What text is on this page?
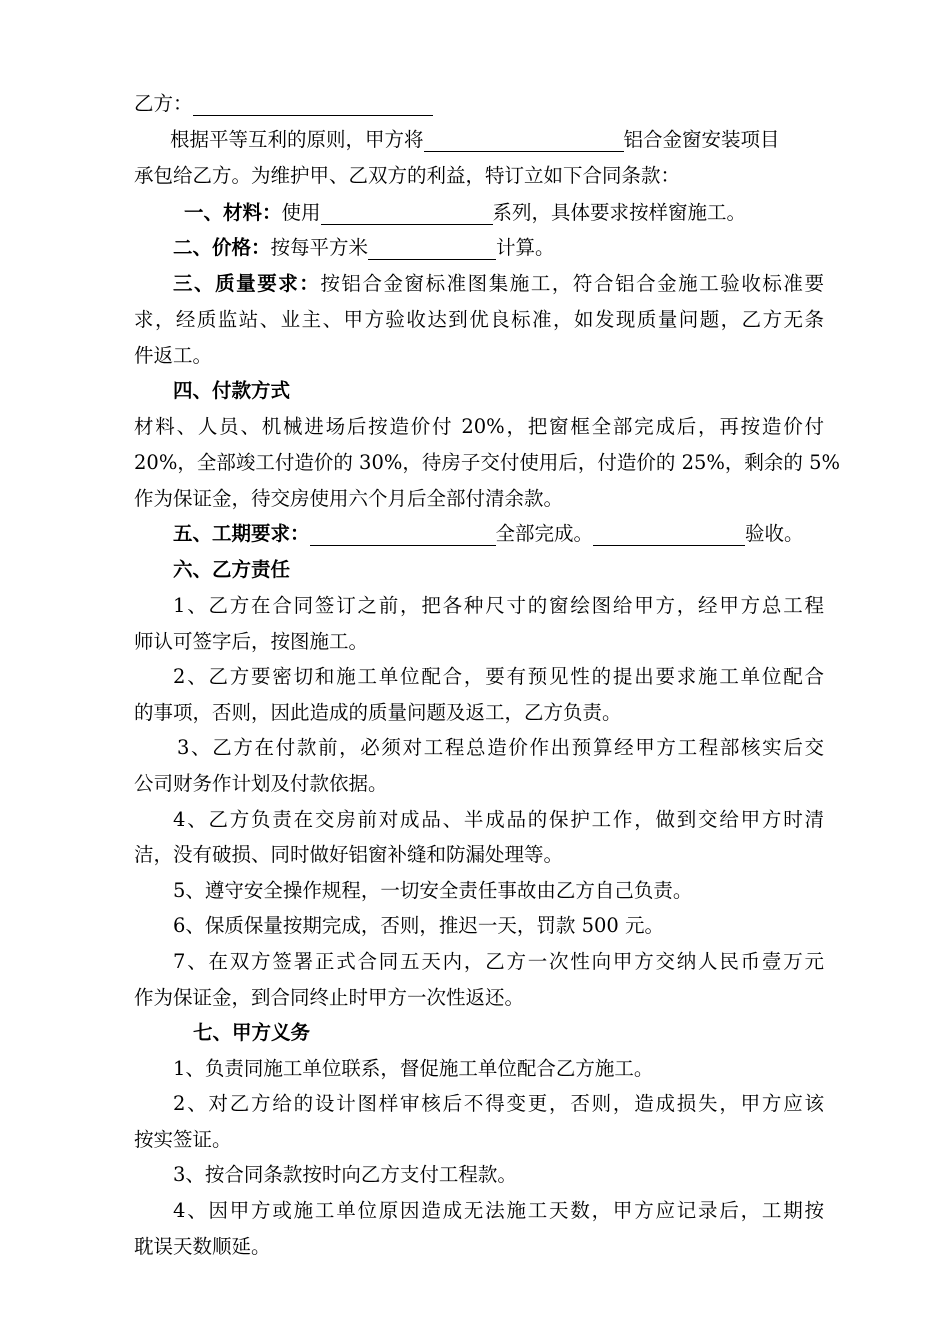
乙方：
根据平等互利的原则，甲方将	铝合金窗安装项目
承包给乙方。为维护甲、乙双方的利益，特订立如下合同条款：
一、材料：使用	系列，具体要求按样窗施工。
二、价格：按每平方米	计算。
三、质量要求：按铝合金窗标准图集施工，符合铝合金施工验收标准要
求，经质监站、业主、甲方验收达到优良标准，如发现质量问题，乙方无条
件返工。
四、付款方式
材料、人员、机械进场后按造价付 20%，把窗框全部完成后，再按造价付
20%，全部竣工付造价的 30%，待房子交付使用后，付造价的 25%，剩余的 5%
作为保证金，待交房使用六个月后全部付清余款。
五、工期要求：	全部完成。	验收。
六、乙方责任
1、乙方在合同签订之前，把各种尺寸的窗绘图给甲方，经甲方总工程
师认可签字后，按图施工。
2、乙方要密切和施工单位配合，要有预见性的提出要求施工单位配合
的事项，否则，因此造成的质量问题及返工，乙方负责。
3、乙方在付款前，必须对工程总造价作出预算经甲方工程部核实后交
公司财务作计划及付款依据。
4、乙方负责在交房前对成品、半成品的保护工作，做到交给甲方时清
洁，没有破损、同时做好铝窗补缝和防漏处理等。
5、遵守安全操作规程，一切安全责任事故由乙方自己负责。
6、保质保量按期完成，否则，推迟一天，罚款 500 元。
7、在双方签署正式合同五天内，乙方一次性向甲方交纳人民币壹万元
作为保证金，到合同终止时甲方一次性返还。
七、甲方义务
1、负责同施工单位联系，督促施工单位配合乙方施工。
2、对乙方给的设计图样审核后不得变更，否则，造成损失，甲方应该
按实签证。
3、按合同条款按时向乙方支付工程款。
4、因甲方或施工单位原因造成无法施工天数，甲方应记录后，工期按
耽误天数顺延。
